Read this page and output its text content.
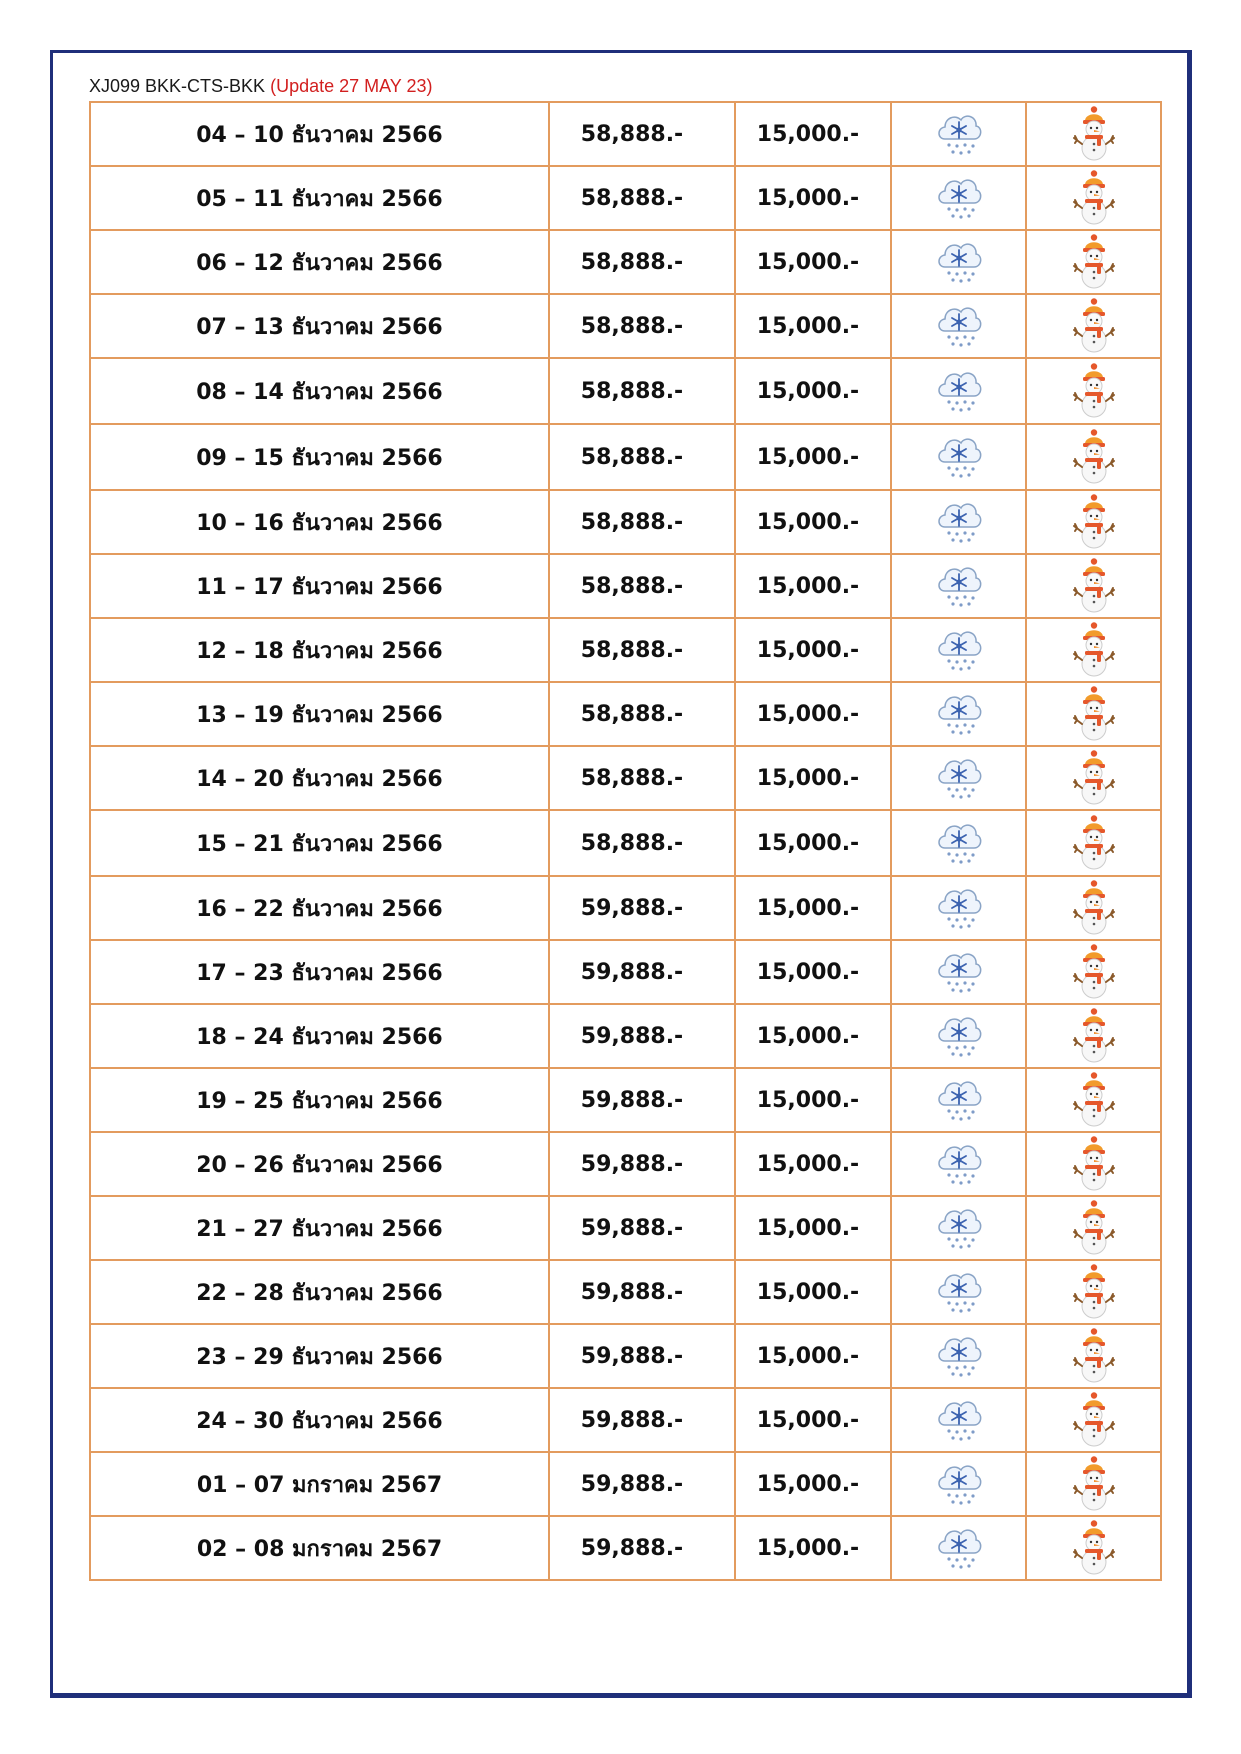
XJ099 BKK-CTS-BKK (Update 27 MAY 23)
04 – 10 ธันวาคม 2566	58,888.-	15,000.-	

05 – 11 ธันวาคม 2566	58,888.-	15,000.-	

06 – 12 ธันวาคม 2566	58,888.-	15,000.-	

07 – 13 ธันวาคม 2566	58,888.-	15,000.-	

08 – 14 ธันวาคม 2566	58,888.-	15,000.-	

09 – 15 ธันวาคม 2566	58,888.-	15,000.-	

10 – 16 ธันวาคม 2566	58,888.-	15,000.-	

11 – 17 ธันวาคม 2566	58,888.-	15,000.-	

12 – 18 ธันวาคม 2566	58,888.-	15,000.-	

13 – 19 ธันวาคม 2566	58,888.-	15,000.-	

14 – 20 ธันวาคม 2566	58,888.-	15,000.-	

15 – 21 ธันวาคม 2566	58,888.-	15,000.-	

16 – 22 ธันวาคม 2566	59,888.-	15,000.-	

17 – 23 ธันวาคม 2566	59,888.-	15,000.-	

18 – 24 ธันวาคม 2566	59,888.-	15,000.-	

19 – 25 ธันวาคม 2566	59,888.-	15,000.-	

20 – 26 ธันวาคม 2566	59,888.-	15,000.-	

21 – 27 ธันวาคม 2566	59,888.-	15,000.-	

22 – 28 ธันวาคม 2566	59,888.-	15,000.-	

23 – 29 ธันวาคม 2566	59,888.-	15,000.-	

24 – 30 ธันวาคม 2566	59,888.-	15,000.-	

01 – 07 มกราคม 2567	59,888.-	15,000.-	

02 – 08 มกราคม 2567	59,888.-	15,000.-	
